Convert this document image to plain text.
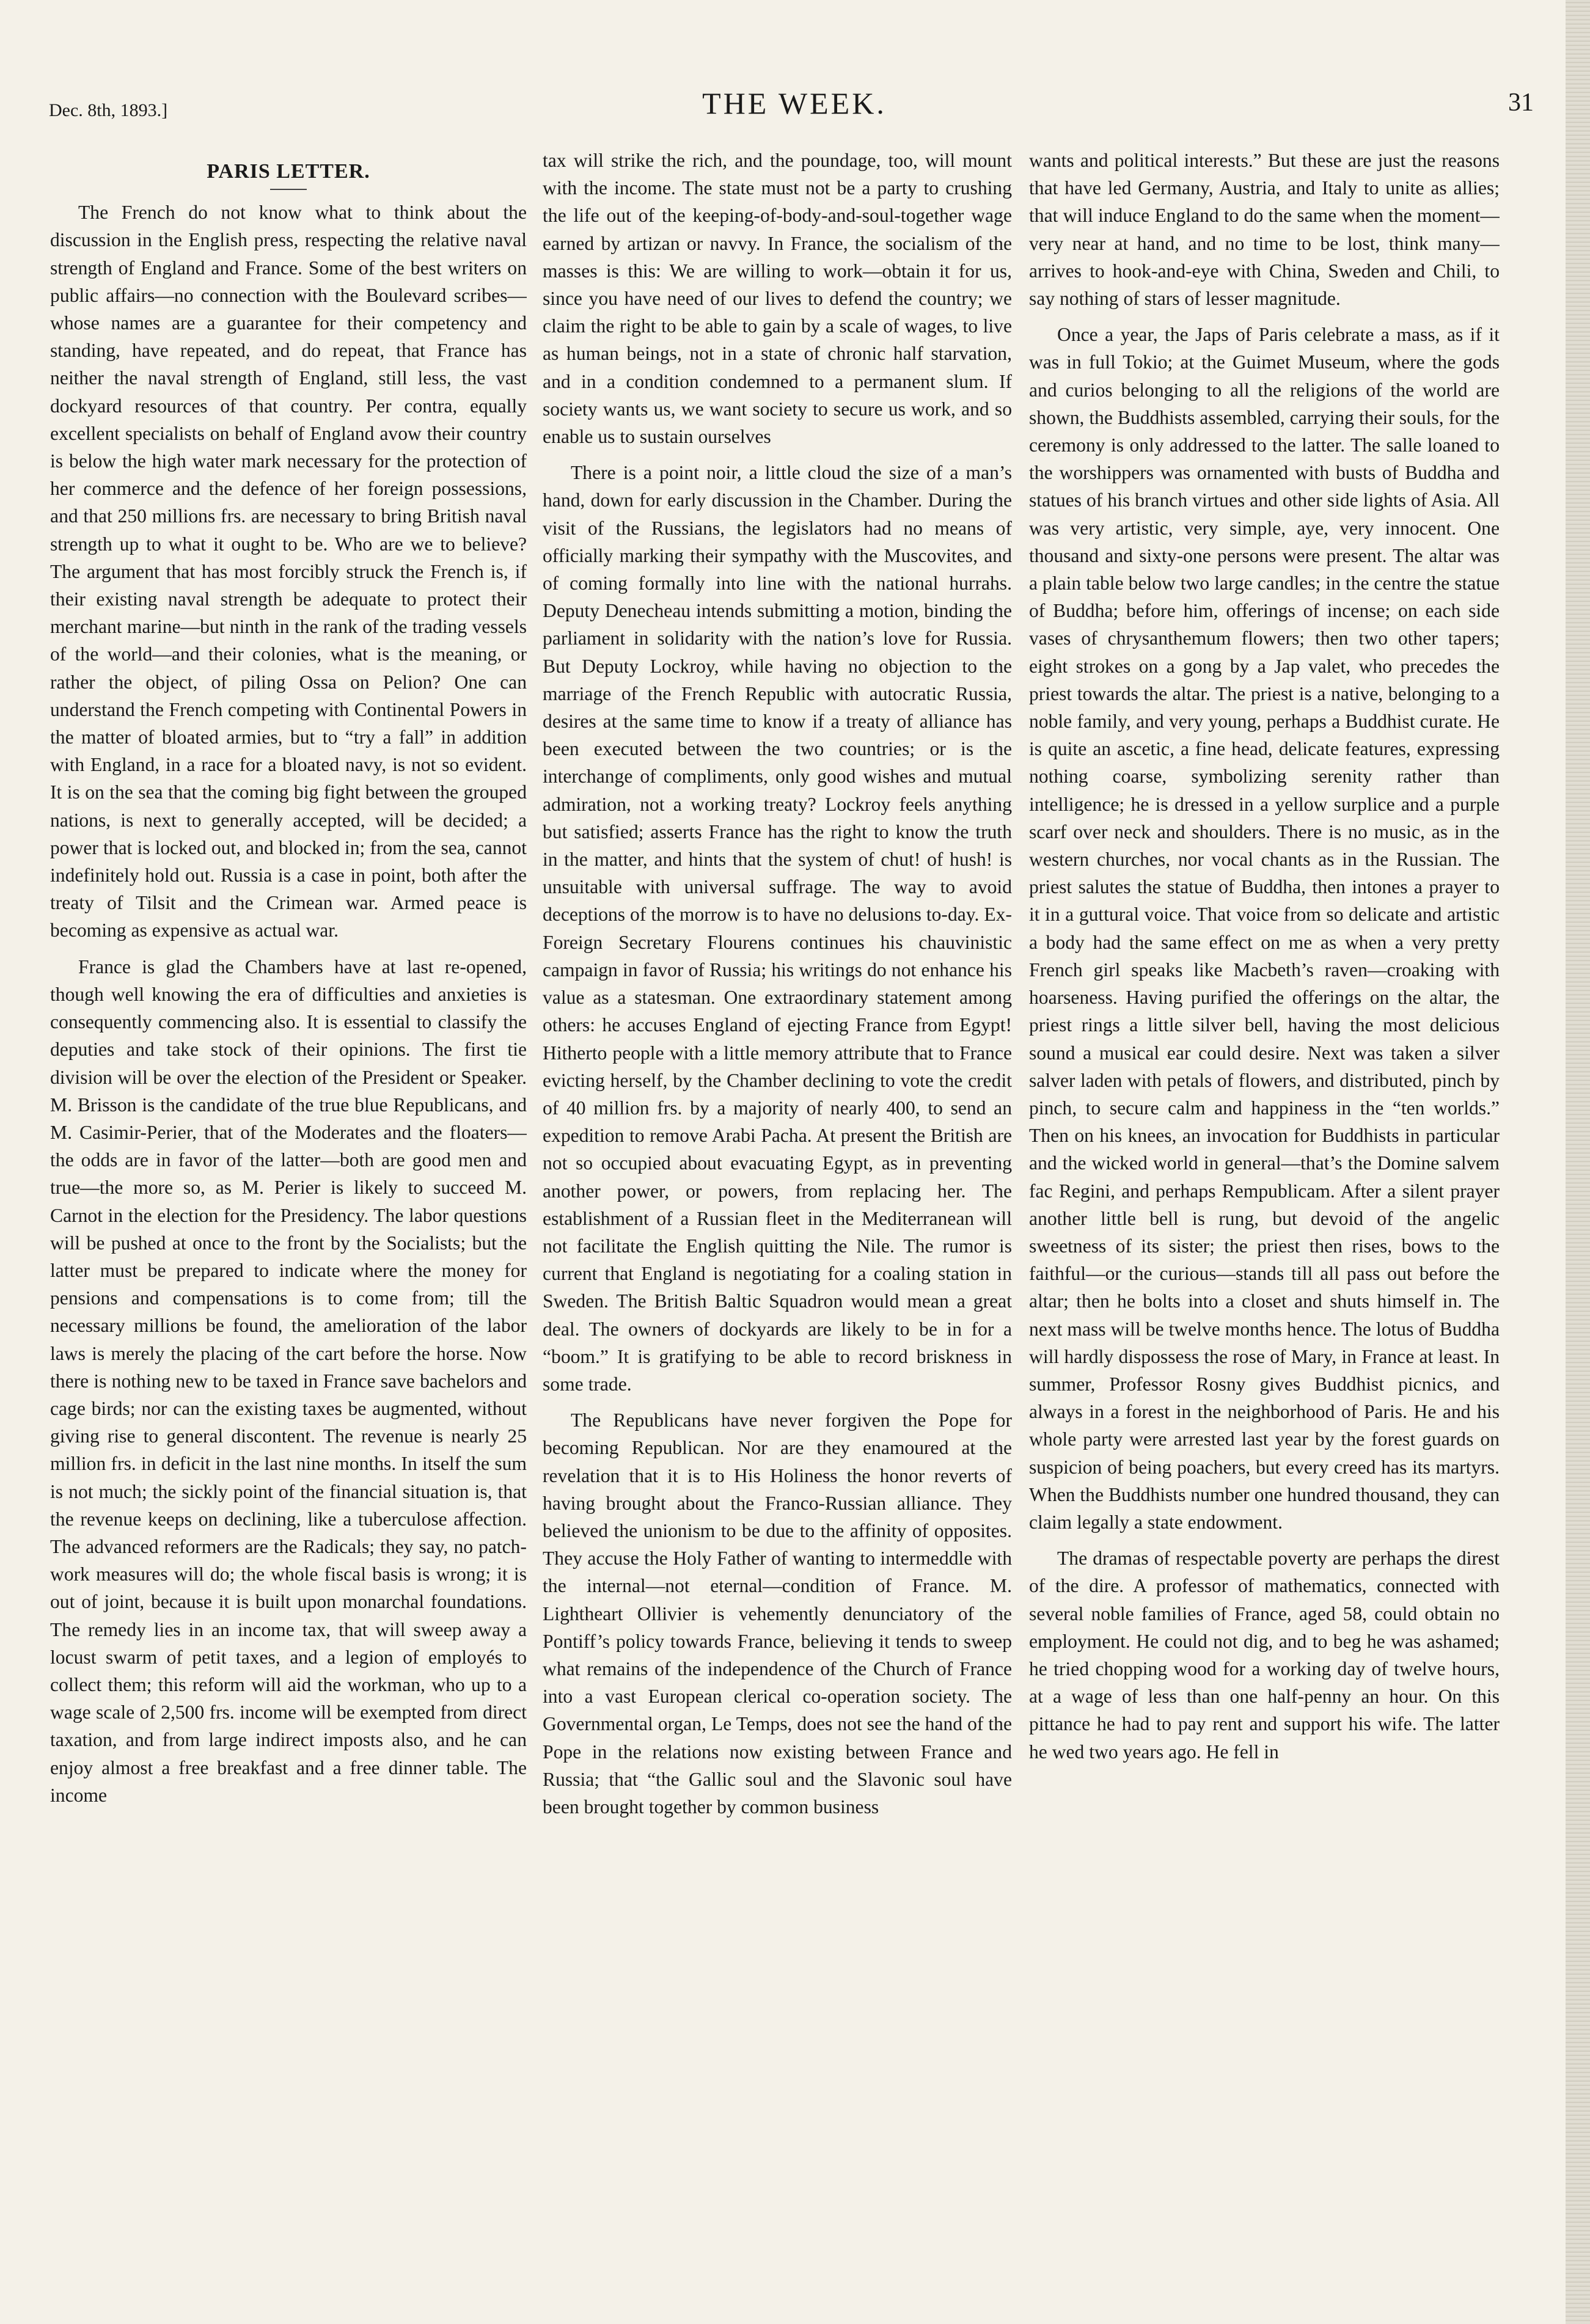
Dec. 8th, 1893.]	THE WEEK.	31
PARIS LETTER.

The French do not know what to think about the discussion in the English press, respecting the relative naval strength of England and France. Some of the best writers on public affairs—no connection with the Boulevard scribes—whose names are a guarantee for their competency and standing, have repeated, and do repeat, that France has neither the naval strength of England, still less, the vast dockyard resources of that country. Per contra, equally excellent specialists on behalf of England avow their country is below the high water mark necessary for the protection of her commerce and the defence of her foreign possessions, and that 250 millions frs. are necessary to bring British naval strength up to what it ought to be. Who are we to believe? The argument that has most forcibly struck the French is, if their existing naval strength be adequate to protect their merchant marine—but ninth in the rank of the trading vessels of the world—and their colonies, what is the meaning, or rather the object, of piling Ossa on Pelion? One can understand the French competing with Continental Powers in the matter of bloated armies, but to “try a fall” in addition with England, in a race for a bloated navy, is not so evident. It is on the sea that the coming big fight between the grouped nations, is next to generally accepted, will be decided; a power that is locked out, and blocked in; from the sea, cannot indefinitely hold out. Russia is a case in point, both after the treaty of Tilsit and the Crimean war. Armed peace is becoming as expensive as actual war.

France is glad the Chambers have at last re-opened, though well knowing the era of difficulties and anxieties is consequently commencing also. It is essential to classify the deputies and take stock of their opinions. The first tie division will be over the election of the President or Speaker. M. Brisson is the candidate of the true blue Republicans, and M. Casimir-Perier, that of the Moderates and the floaters—the odds are in favor of the latter—both are good men and true—the more so, as M. Perier is likely to succeed M. Carnot in the election for the Presidency. The labor questions will be pushed at once to the front by the Socialists; but the latter must be prepared to indicate where the money for pensions and compensations is to come from; till the necessary millions be found, the amelioration of the labor laws is merely the placing of the cart before the horse. Now there is nothing new to be taxed in France save bachelors and cage birds; nor can the existing taxes be augmented, without giving rise to general discontent. The revenue is nearly 25 million frs. in deficit in the last nine months. In itself the sum is not much; the sickly point of the financial situation is, that the revenue keeps on declining, like a tuberculose affection. The advanced reformers are the Radicals; they say, no patch-work measures will do; the whole fiscal basis is wrong; it is out of joint, because it is built upon monarchal foundations. The remedy lies in an income tax, that will sweep away a locust swarm of petit taxes, and a legion of employés to collect them; this reform will aid the workman, who up to a wage scale of 2,500 frs. income will be exempted from direct taxation, and from large indirect imposts also, and he can enjoy almost a free breakfast and a free dinner table. The income

tax will strike the rich, and the poundage, too, will mount with the income. The state must not be a party to crushing the life out of the keeping-of-body-and-soul-together wage earned by artizan or navvy. In France, the socialism of the masses is this: We are willing to work—obtain it for us, since you have need of our lives to defend the country; we claim the right to be able to gain by a scale of wages, to live as human beings, not in a state of chronic half starvation, and in a condition condemned to a permanent slum. If society wants us, we want society to secure us work, and so enable us to sustain ourselves

There is a point noir, a little cloud the size of a man’s hand, down for early discussion in the Chamber. During the visit of the Russians, the legislators had no means of officially marking their sympathy with the Muscovites, and of coming formally into line with the national hurrahs. Deputy Denecheau intends submitting a motion, binding the parliament in solidarity with the nation’s love for Russia. But Deputy Lockroy, while having no objection to the marriage of the French Republic with autocratic Russia, desires at the same time to know if a treaty of alliance has been executed between the two countries; or is the interchange of compliments, only good wishes and mutual admiration, not a working treaty? Lockroy feels anything but satisfied; asserts France has the right to know the truth in the matter, and hints that the system of chut! of hush! is unsuitable with universal suffrage. The way to avoid deceptions of the morrow is to have no delusions to-day. Ex-Foreign Secretary Flourens continues his chauvinistic campaign in favor of Russia; his writings do not enhance his value as a statesman. One extraordinary statement among others: he accuses England of ejecting France from Egypt! Hitherto people with a little memory attribute that to France evicting herself, by the Chamber declining to vote the credit of 40 million frs. by a majority of nearly 400, to send an expedition to remove Arabi Pacha. At present the British are not so occupied about evacuating Egypt, as in preventing another power, or powers, from replacing her. The establishment of a Russian fleet in the Mediterranean will not facilitate the English quitting the Nile. The rumor is current that England is negotiating for a coaling station in Sweden. The British Baltic Squadron would mean a great deal. The owners of dockyards are likely to be in for a “boom.” It is gratifying to be able to record briskness in some trade.

The Republicans have never forgiven the Pope for becoming Republican. Nor are they enamoured at the revelation that it is to His Holiness the honor reverts of having brought about the Franco-Russian alliance. They believed the unionism to be due to the affinity of opposites. They accuse the Holy Father of wanting to intermeddle with the internal—not eternal—condition of France. M. Lightheart Ollivier is vehemently denunciatory of the Pontiff’s policy towards France, believing it tends to sweep what remains of the independence of the Church of France into a vast European clerical co-operation society. The Governmental organ, Le Temps, does not see the hand of the Pope in the relations now existing between France and Russia; that “the Gallic soul and the Slavonic soul have been brought together by common business

wants and political interests.” But these are just the reasons that have led Germany, Austria, and Italy to unite as allies; that will induce England to do the same when the moment—very near at hand, and no time to be lost, think many—arrives to hook-and-eye with China, Sweden and Chili, to say nothing of stars of lesser magnitude.

Once a year, the Japs of Paris celebrate a mass, as if it was in full Tokio; at the Guimet Museum, where the gods and curios belonging to all the religions of the world are shown, the Buddhists assembled, carrying their souls, for the ceremony is only addressed to the latter. The salle loaned to the worshippers was ornamented with busts of Buddha and statues of his branch virtues and other side lights of Asia. All was very artistic, very simple, aye, very innocent. One thousand and sixty-one persons were present. The altar was a plain table below two large candles; in the centre the statue of Buddha; before him, offerings of incense; on each side vases of chrysanthemum flowers; then two other tapers; eight strokes on a gong by a Jap valet, who precedes the priest towards the altar. The priest is a native, belonging to a noble family, and very young, perhaps a Buddhist curate. He is quite an ascetic, a fine head, delicate features, expressing nothing coarse, symbolizing serenity rather than intelligence; he is dressed in a yellow surplice and a purple scarf over neck and shoulders. There is no music, as in the western churches, nor vocal chants as in the Russian. The priest salutes the statue of Buddha, then intones a prayer to it in a guttural voice. That voice from so delicate and artistic a body had the same effect on me as when a very pretty French girl speaks like Macbeth’s raven—croaking with hoarseness. Having purified the offerings on the altar, the priest rings a little silver bell, having the most delicious sound a musical ear could desire. Next was taken a silver salver laden with petals of flowers, and distributed, pinch by pinch, to secure calm and happiness in the “ten worlds.” Then on his knees, an invocation for Buddhists in particular and the wicked world in general—that’s the Domine salvem fac Regini, and perhaps Rempublicam. After a silent prayer another little bell is rung, but devoid of the angelic sweetness of its sister; the priest then rises, bows to the faithful—or the curious—stands till all pass out before the altar; then he bolts into a closet and shuts himself in. The next mass will be twelve months hence. The lotus of Buddha will hardly dispossess the rose of Mary, in France at least. In summer, Professor Rosny gives Buddhist picnics, and always in a forest in the neighborhood of Paris. He and his whole party were arrested last year by the forest guards on suspicion of being poachers, but every creed has its martyrs. When the Buddhists number one hundred thousand, they can claim legally a state endowment.

The dramas of respectable poverty are perhaps the direst of the dire. A professor of mathematics, connected with several noble families of France, aged 58, could obtain no employment. He could not dig, and to beg he was ashamed; he tried chopping wood for a working day of twelve hours, at a wage of less than one half-penny an hour. On this pittance he had to pay rent and support his wife. The latter he wed two years ago. He fell in
